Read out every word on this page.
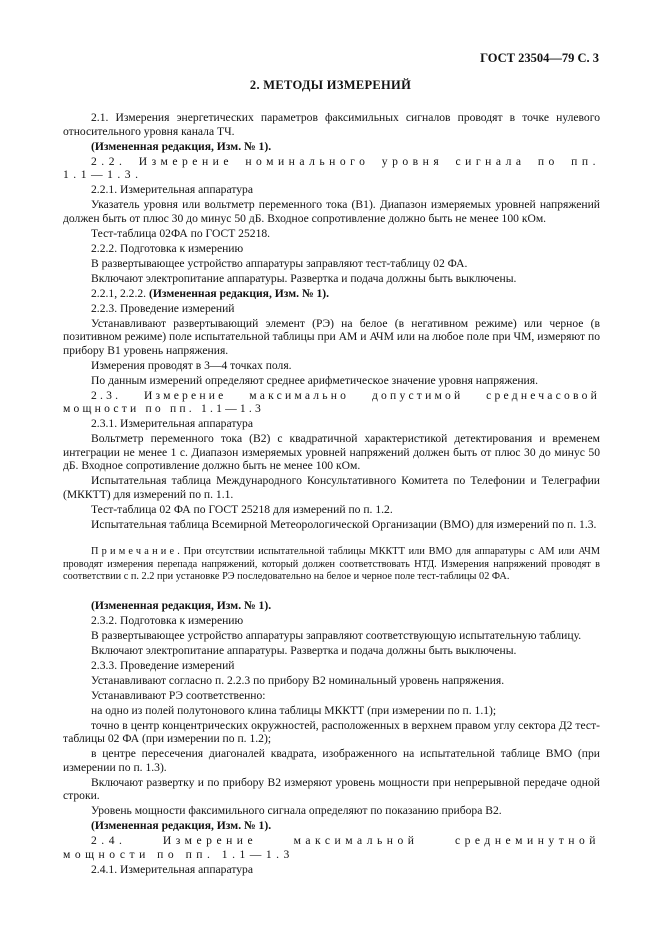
ГОСТ 23504—79 С. 3
2. МЕТОДЫ ИЗМЕРЕНИЙ

2.1. Измерения энергетических параметров факсимильных сигналов проводят в точке нулевого относительного уровня канала ТЧ.

(Измененная редакция, Изм. № 1).

2.2. Измерение номинального уровня сигнала по пп. 1.1—1.3.

2.2.1. Измерительная аппаратура

Указатель уровня или вольтметр переменного тока (В1). Диапазон измеряемых уровней напряжений должен быть от плюс 30 до минус 50 дБ. Входное сопротивление должно быть не менее 100 кОм.

Тест-таблица 02ФА по ГОСТ 25218.

2.2.2. Подготовка к измерению

В развертывающее устройство аппаратуры заправляют тест-таблицу 02 ФА.

Включают электропитание аппаратуры. Развертка и подача должны быть выключены.

2.2.1, 2.2.2. (Измененная редакция, Изм. № 1).

2.2.3. Проведение измерений

Устанавливают развертывающий элемент (РЭ) на белое (в негативном режиме) или черное (в позитивном режиме) поле испытательной таблицы при АМ и АЧМ или на любое поле при ЧМ, измеряют по прибору В1 уровень напряжения.

Измерения проводят в 3—4 точках поля.

По данным измерений определяют среднее арифметическое значение уровня напряжения.

2.3. Измерение максимально допустимой среднечасовой мощности по пп. 1.1—1.3

2.3.1. Измерительная аппаратура

Вольтметр переменного тока (В2) с квадратичной характеристикой детектирования и временем интеграции не менее 1 с. Диапазон измеряемых уровней напряжений должен быть от плюс 30 до минус 50 дБ. Входное сопротивление должно быть не менее 100 кОм.

Испытательная таблица Международного Консультативного Комитета по Телефонии и Телеграфии (МККТТ) для измерений по п. 1.1.

Тест-таблица 02 ФА по ГОСТ 25218 для измерений по п. 1.2.

Испытательная таблица Всемирной Метеорологической Организации (ВМО) для измерений по п. 1.3.

Примечание. При отсутствии испытательной таблицы МККТТ или ВМО для аппаратуры с АМ или АЧМ проводят измерения перепада напряжений, который должен соответствовать НТД. Измерения напряжений проводят в соответствии с п. 2.2 при установке РЭ последовательно на белое и черное поле тест-таблицы 02 ФА.

(Измененная редакция, Изм. № 1).

2.3.2. Подготовка к измерению

В развертывающее устройство аппаратуры заправляют соответствующую испытательную таблицу.

Включают электропитание аппаратуры. Развертка и подача должны быть выключены.

2.3.3. Проведение измерений

Устанавливают согласно п. 2.2.3 по прибору В2 номинальный уровень напряжения.

Устанавливают РЭ соответственно:

на одно из полей полутонового клина таблицы МККТТ (при измерении по п. 1.1);

точно в центр концентрических окружностей, расположенных в верхнем правом углу сектора Д2 тест-таблицы 02 ФА (при измерении по п. 1.2);

в центре пересечения диагоналей квадрата, изображенного на испытательной таблице ВМО (при измерении по п. 1.3).

Включают развертку и по прибору В2 измеряют уровень мощности при непрерывной передаче одной строки.

Уровень мощности факсимильного сигнала определяют по показанию прибора В2.

(Измененная редакция, Изм. № 1).

2.4. Измерение максимальной среднеминутной мощности по пп. 1.1—1.3

2.4.1. Измерительная аппаратура
